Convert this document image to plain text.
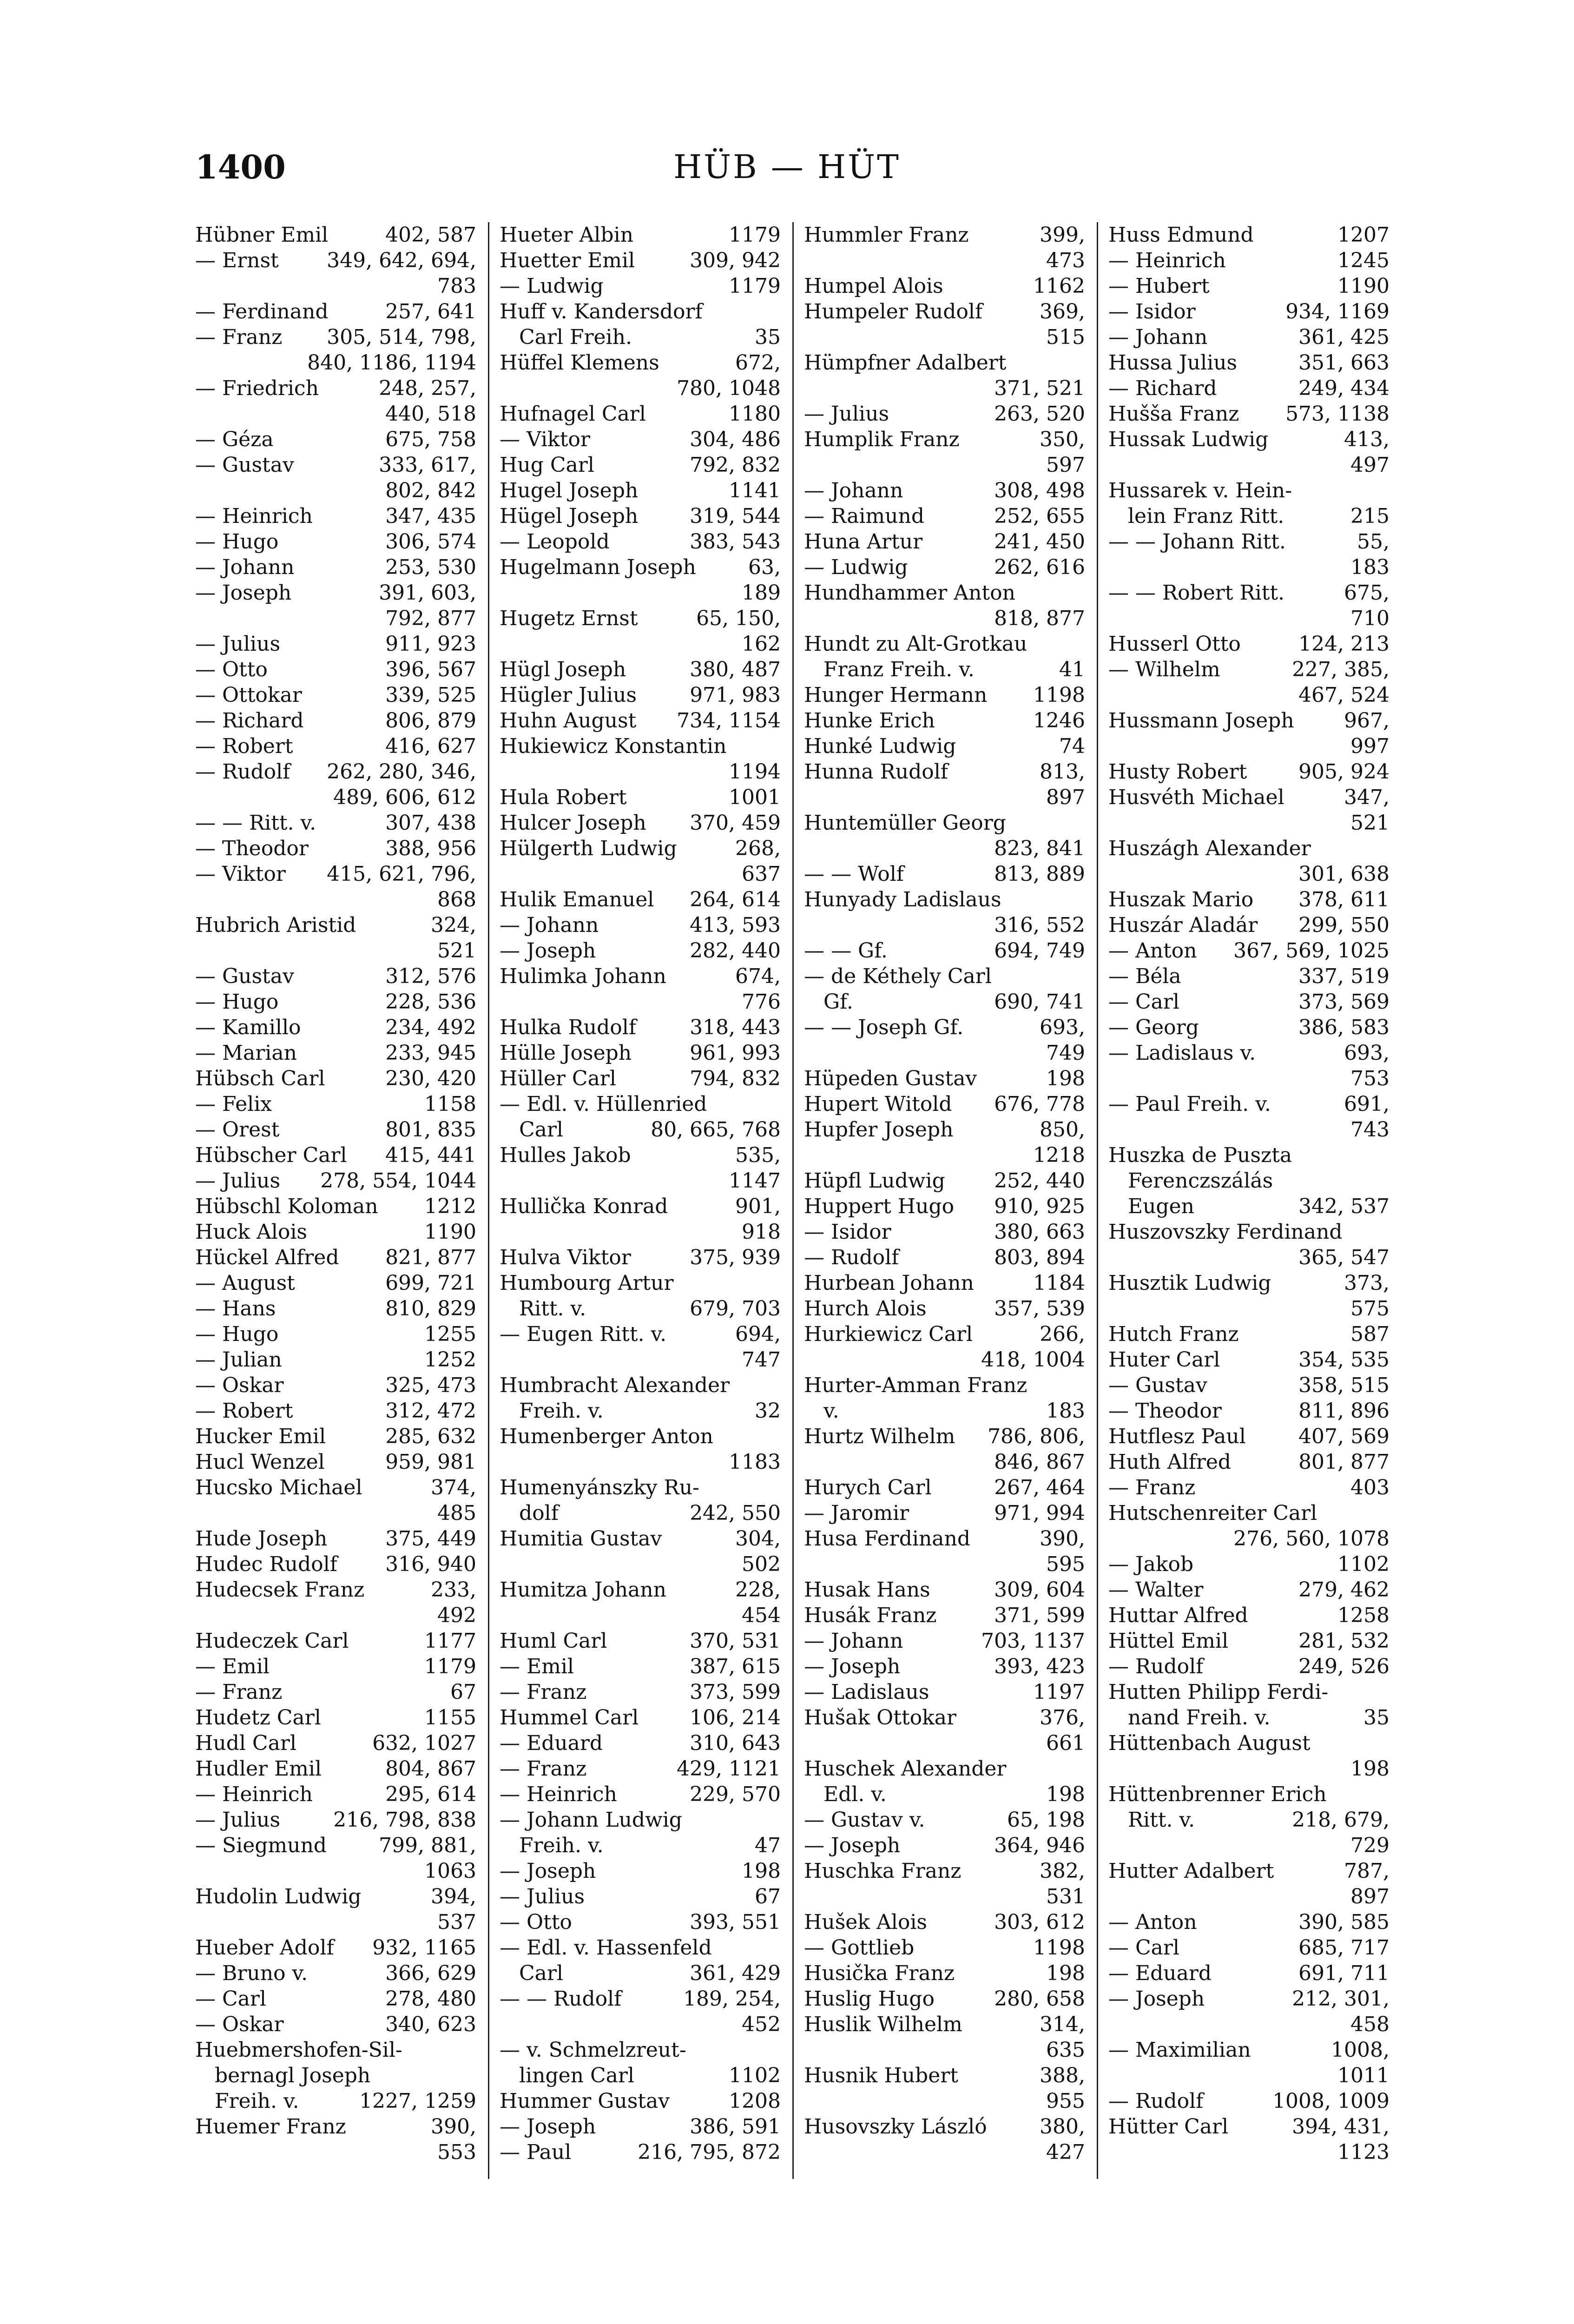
1400	HÜB — HÜT
Hübner Emil	402, 587
— Ernst	349, 642, 694,
783
— Ferdinand	257, 641
— Franz	305, 514, 798,
840, 1186, 1194
— Friedrich	248, 257,
440, 518
— Géza	675, 758
— Gustav	333, 617,
802, 842
— Heinrich	347, 435
— Hugo	306, 574
— Johann	253, 530
— Joseph	391, 603,
792, 877
— Julius	911, 923
— Otto	396, 567
— Ottokar	339, 525
— Richard	806, 879
— Robert	416, 627
— Rudolf	262, 280, 346,
489, 606, 612
— — Ritt. v.	307, 438
— Theodor	388, 956
— Viktor	415, 621, 796,
868
Hubrich Aristid	324,
521
— Gustav	312, 576
— Hugo	228, 536
— Kamillo	234, 492
— Marian	233, 945
Hübsch Carl	230, 420
— Felix	1158
— Orest	801, 835
Hübscher Carl	415, 441
— Julius	278, 554, 1044
Hübschl Koloman	1212
Huck Alois	1190
Hückel Alfred	821, 877
— August	699, 721
— Hans	810, 829
— Hugo	1255
— Julian	1252
— Oskar	325, 473
— Robert	312, 472
Hucker Emil	285, 632
Hucl Wenzel	959, 981
Hucsko Michael	374,
485
Hude Joseph	375, 449
Hudec Rudolf	316, 940
Hudecsek Franz	233,
492
Hudeczek Carl	1177
— Emil	1179
— Franz	67
Hudetz Carl	1155
Hudl Carl	632, 1027
Hudler Emil	804, 867
— Heinrich	295, 614
— Julius	216, 798, 838
— Siegmund	799, 881,
1063
Hudolin Ludwig	394,
537
Hueber Adolf	932, 1165
— Bruno v.	366, 629
— Carl	278, 480
— Oskar	340, 623
Huebmershofen-Sil-
bernagl Joseph
Freih. v.	1227, 1259
Huemer Franz	390,
553
Hueter Albin	1179
Huetter Emil	309, 942
— Ludwig	1179
Huff v. Kandersdorf
Carl Freih.	35
Hüffel Klemens	672,
780, 1048
Hufnagel Carl	1180
— Viktor	304, 486
Hug Carl	792, 832
Hugel Joseph	1141
Hügel Joseph	319, 544
— Leopold	383, 543
Hugelmann Joseph	63,
189
Hugetz Ernst	65, 150,
162
Hügl Joseph	380, 487
Hügler Julius	971, 983
Huhn August	734, 1154
Hukiewicz Konstantin
1194
Hula Robert	1001
Hulcer Joseph	370, 459
Hülgerth Ludwig	268,
637
Hulik Emanuel	264, 614
— Johann	413, 593
— Joseph	282, 440
Hulimka Johann	674,
776
Hulka Rudolf	318, 443
Hülle Joseph	961, 993
Hüller Carl	794, 832
— Edl. v. Hüllenried
Carl	80, 665, 768
Hulles Jakob	535,
1147
Hullička Konrad	901,
918
Hulva Viktor	375, 939
Humbourg Artur
Ritt. v.	679, 703
— Eugen Ritt. v.	694,
747
Humbracht Alexander
Freih. v.	32
Humenberger Anton
1183
Humenyánszky Ru-
dolf	242, 550
Humitia Gustav	304,
502
Humitza Johann	228,
454
Huml Carl	370, 531
— Emil	387, 615
— Franz	373, 599
Hummel Carl	106, 214
— Eduard	310, 643
— Franz	429, 1121
— Heinrich	229, 570
— Johann Ludwig
Freih. v.	47
— Joseph	198
— Julius	67
— Otto	393, 551
— Edl. v. Hassenfeld
Carl	361, 429
— — Rudolf	189, 254,
452
— v. Schmelzreut-
lingen Carl	1102
Hummer Gustav	1208
— Joseph	386, 591
— Paul	216, 795, 872
Hummler Franz	399,
473
Humpel Alois	1162
Humpeler Rudolf	369,
515
Hümpfner Adalbert
371, 521
— Julius	263, 520
Humplik Franz	350,
597
— Johann	308, 498
— Raimund	252, 655
Huna Artur	241, 450
— Ludwig	262, 616
Hundhammer Anton
818, 877
Hundt zu Alt-Grotkau
Franz Freih. v.	41
Hunger Hermann	1198
Hunke Erich	1246
Hunké Ludwig	74
Hunna Rudolf	813,
897
Huntemüller Georg
823, 841
— — Wolf	813, 889
Hunyady Ladislaus
316, 552
— — Gf.	694, 749
— de Kéthely Carl
Gf.	690, 741
— — Joseph Gf.	693,
749
Hüpeden Gustav	198
Hupert Witold	676, 778
Hupfer Joseph	850,
1218
Hüpfl Ludwig	252, 440
Huppert Hugo	910, 925
— Isidor	380, 663
— Rudolf	803, 894
Hurbean Johann	1184
Hurch Alois	357, 539
Hurkiewicz Carl	266,
418, 1004
Hurter-Amman Franz
v.	183
Hurtz Wilhelm	786, 806,
846, 867
Hurych Carl	267, 464
— Jaromir	971, 994
Husa Ferdinand	390,
595
Husak Hans	309, 604
Husák Franz	371, 599
— Johann	703, 1137
— Joseph	393, 423
— Ladislaus	1197
Hušak Ottokar	376,
661
Huschek Alexander
Edl. v.	198
— Gustav v.	65, 198
— Joseph	364, 946
Huschka Franz	382,
531
Hušek Alois	303, 612
— Gottlieb	1198
Husička Franz	198
Huslig Hugo	280, 658
Huslik Wilhelm	314,
635
Husnik Hubert	388,
955
Husovszky László	380,
427
Huss Edmund	1207
— Heinrich	1245
— Hubert	1190
— Isidor	934, 1169
— Johann	361, 425
Hussa Julius	351, 663
— Richard	249, 434
Hušša Franz	573, 1138
Hussak Ludwig	413,
497
Hussarek v. Hein-
lein Franz Ritt.	215
— — Johann Ritt.	55,
183
— — Robert Ritt.	675,
710
Husserl Otto	124, 213
— Wilhelm	227, 385,
467, 524
Hussmann Joseph	967,
997
Husty Robert	905, 924
Husvéth Michael	347,
521
Huszágh Alexander
301, 638
Huszak Mario	378, 611
Huszár Aladár	299, 550
— Anton	367, 569, 1025
— Béla	337, 519
— Carl	373, 569
— Georg	386, 583
— Ladislaus v.	693,
753
— Paul Freih. v.	691,
743
Huszka de Puszta
Ferenczszálás
Eugen	342, 537
Huszovszky Ferdinand
365, 547
Husztik Ludwig	373,
575
Hutch Franz	587
Huter Carl	354, 535
— Gustav	358, 515
— Theodor	811, 896
Hutflesz Paul	407, 569
Huth Alfred	801, 877
— Franz	403
Hutschenreiter Carl
276, 560, 1078
— Jakob	1102
— Walter	279, 462
Huttar Alfred	1258
Hüttel Emil	281, 532
— Rudolf	249, 526
Hutten Philipp Ferdi-
nand Freih. v.	35
Hüttenbach August
198
Hüttenbrenner Erich
Ritt. v.	218, 679,
729
Hutter Adalbert	787,
897
— Anton	390, 585
— Carl	685, 717
— Eduard	691, 711
— Joseph	212, 301,
458
— Maximilian	1008,
1011
— Rudolf	1008, 1009
Hütter Carl	394, 431,
1123
